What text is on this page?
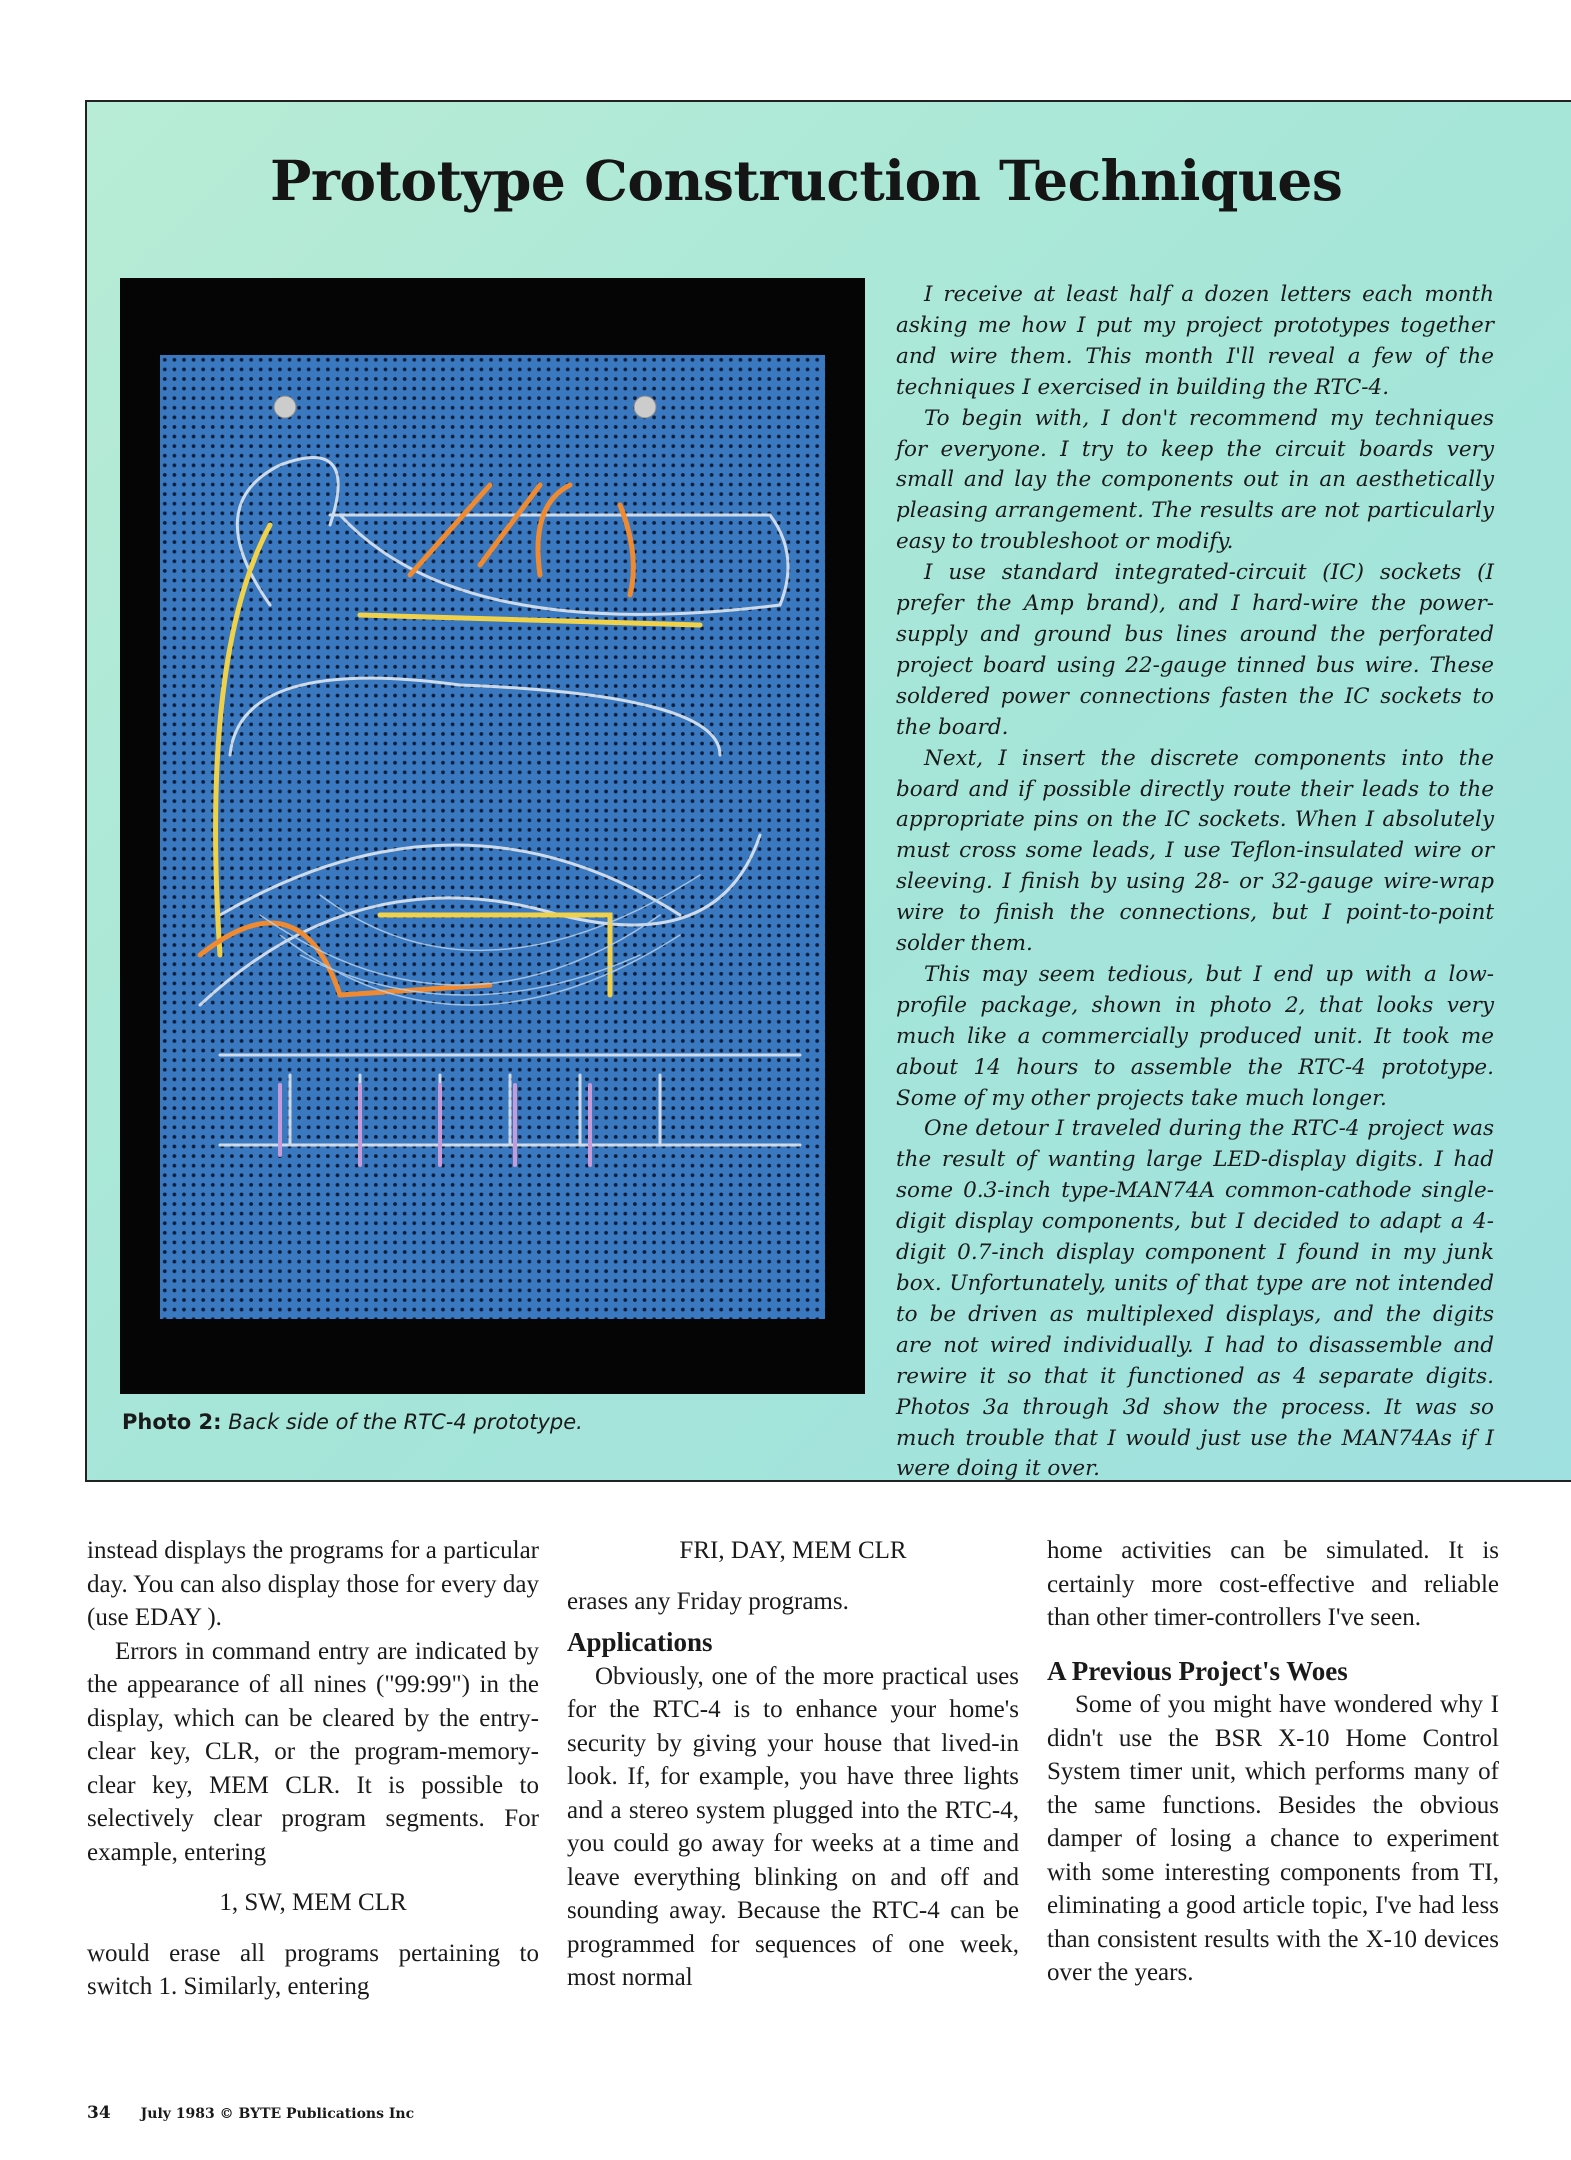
Prototype Construction Techniques
Photo 2: Back side of the RTC-4 prototype.

I receive at least half a dozen letters each month asking me how I put my project prototypes together and wire them. This month I'll reveal a few of the techniques I exercised in building the RTC-4.

To begin with, I don't recommend my techniques for everyone. I try to keep the circuit boards very small and lay the components out in an aesthetically pleasing arrangement. The results are not particularly easy to troubleshoot or modify.

I use standard integrated-circuit (IC) sockets (I prefer the Amp brand), and I hard-wire the power-supply and ground bus lines around the perforated project board using 22-gauge tinned bus wire. These soldered power connections fasten the IC sockets to the board.

Next, I insert the discrete components into the board and if possible directly route their leads to the appropriate pins on the IC sockets. When I absolutely must cross some leads, I use Teflon-insulated wire or sleeving. I finish by using 28- or 32-gauge wire-wrap wire to finish the connections, but I point-to-point solder them.

This may seem tedious, but I end up with a low-profile package, shown in photo 2, that looks very much like a commercially produced unit. It took me about 14 hours to assemble the RTC-4 prototype. Some of my other projects take much longer.

One detour I traveled during the RTC-4 project was the result of wanting large LED-display digits. I had some 0.3-inch type-MAN74A common-cathode single-digit display components, but I decided to adapt a 4-digit 0.7-inch display component I found in my junk box. Unfortunately, units of that type are not intended to be driven as multiplexed displays, and the digits are not wired individually. I had to disassemble and rewire it so that it functioned as 4 separate digits. Photos 3a through 3d show the process. It was so much trouble that I would just use the MAN74As if I were doing it over.

instead displays the programs for a particular day. You can also display those for every day (use EDAY ).

Errors in command entry are indicated by the appearance of all nines ("99:99") in the display, which can be cleared by the entry-clear key, CLR, or the program-memory-clear key, MEM CLR. It is possible to selectively clear program segments. For example, entering

1, SW, MEM CLR

would erase all programs pertaining to switch 1. Similarly, entering

FRI, DAY, MEM CLR

erases any Friday programs.

Applications

Obviously, one of the more practical uses for the RTC-4 is to enhance your home's security by giving your house that lived-in look. If, for example, you have three lights and a stereo system plugged into the RTC-4, you could go away for weeks at a time and leave everything blinking on and off and sounding away. Because the RTC-4 can be programmed for sequences of one week, most normal

home activities can be simulated. It is certainly more cost-effective and reliable than other timer-controllers I've seen.

A Previous Project's Woes

Some of you might have wondered why I didn't use the BSR X-10 Home Control System timer unit, which performs many of the same functions. Besides the obvious damper of losing a chance to experiment with some interesting components from TI, eliminating a good article topic, I've had less than consistent results with the X-10 devices over the years.

34 July 1983 © BYTE Publications Inc
